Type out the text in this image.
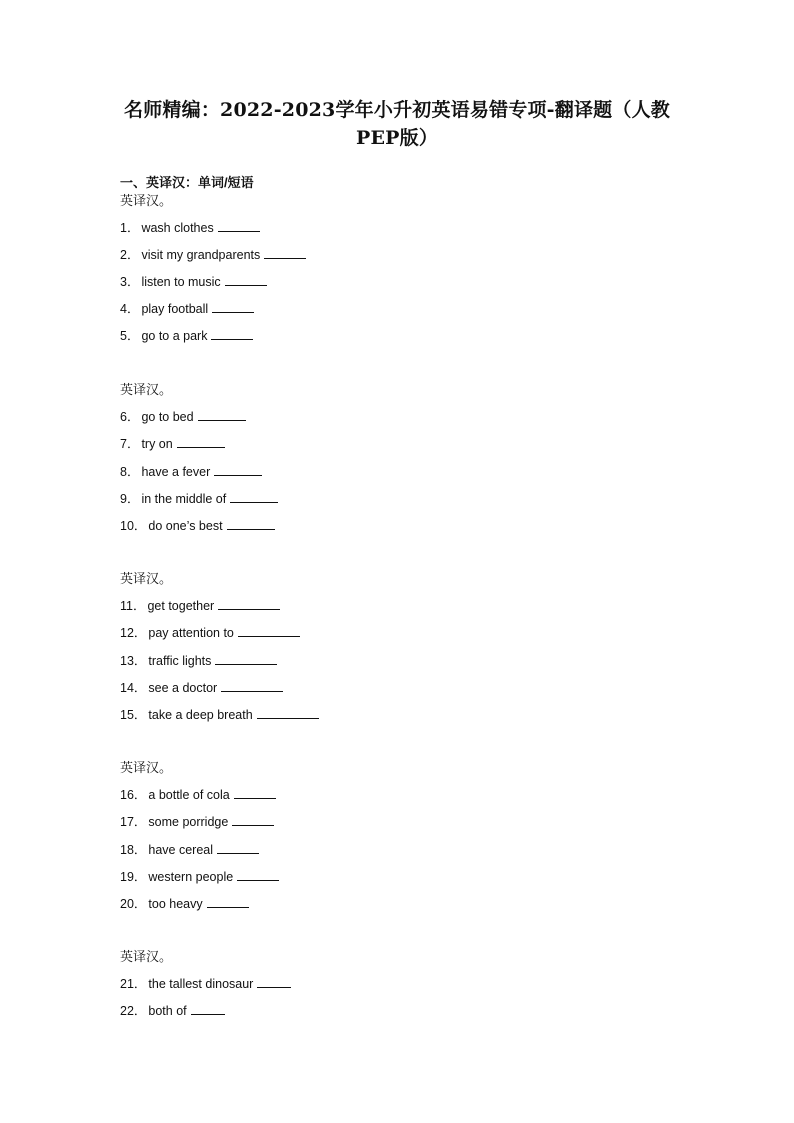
名师精编：2022-2023学年小升初英语易错专项-翻译题（人教
PEP版）
一、英译汉：单词/短语
英译汉。
1． wash clothes
2． visit my grandparents
3． listen to music
4． play football
5． go to a park
英译汉。
6． go to bed
7． try on
8． have a fever
9． in the middle of
10． do one’s best
英译汉。
11． get together
12． pay attention to
13． traffic lights
14． see a doctor
15． take a deep breath
英译汉。
16． a bottle of cola
17． some porridge
18． have cereal
19． western people
20． too heavy
英译汉。
21． the tallest dinosaur
22． both of
